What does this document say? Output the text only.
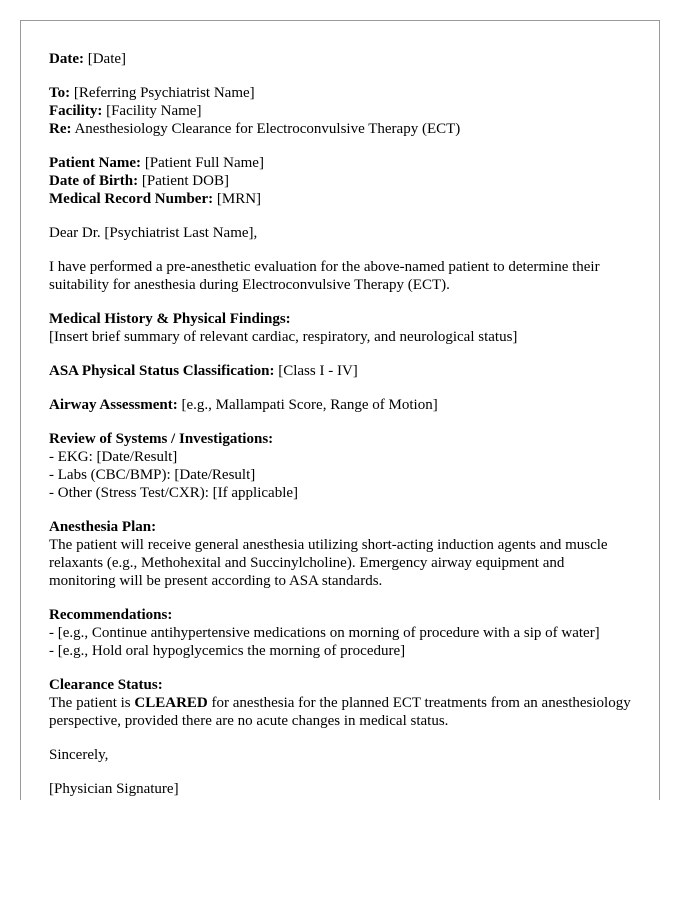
Date: [Date]
To: [Referring Psychiatrist Name]
Facility: [Facility Name]
Re: Anesthesiology Clearance for Electroconvulsive Therapy (ECT)
Patient Name: [Patient Full Name]
Date of Birth: [Patient DOB]
Medical Record Number: [MRN]
Dear Dr. [Psychiatrist Last Name],
I have performed a pre-anesthetic evaluation for the above-named patient to determine their suitability for anesthesia during Electroconvulsive Therapy (ECT).
Medical History & Physical Findings:
[Insert brief summary of relevant cardiac, respiratory, and neurological status]
ASA Physical Status Classification: [Class I - IV]
Airway Assessment: [e.g., Mallampati Score, Range of Motion]
Review of Systems / Investigations:
- EKG: [Date/Result]
- Labs (CBC/BMP): [Date/Result]
- Other (Stress Test/CXR): [If applicable]
Anesthesia Plan:
The patient will receive general anesthesia utilizing short-acting induction agents and muscle relaxants (e.g., Methohexital and Succinylcholine). Emergency airway equipment and monitoring will be present according to ASA standards.
Recommendations:
- [e.g., Continue antihypertensive medications on morning of procedure with a sip of water]
- [e.g., Hold oral hypoglycemics the morning of procedure]
Clearance Status:
The patient is CLEARED for anesthesia for the planned ECT treatments from an anesthesiology perspective, provided there are no acute changes in medical status.
Sincerely,
[Physician Signature]
